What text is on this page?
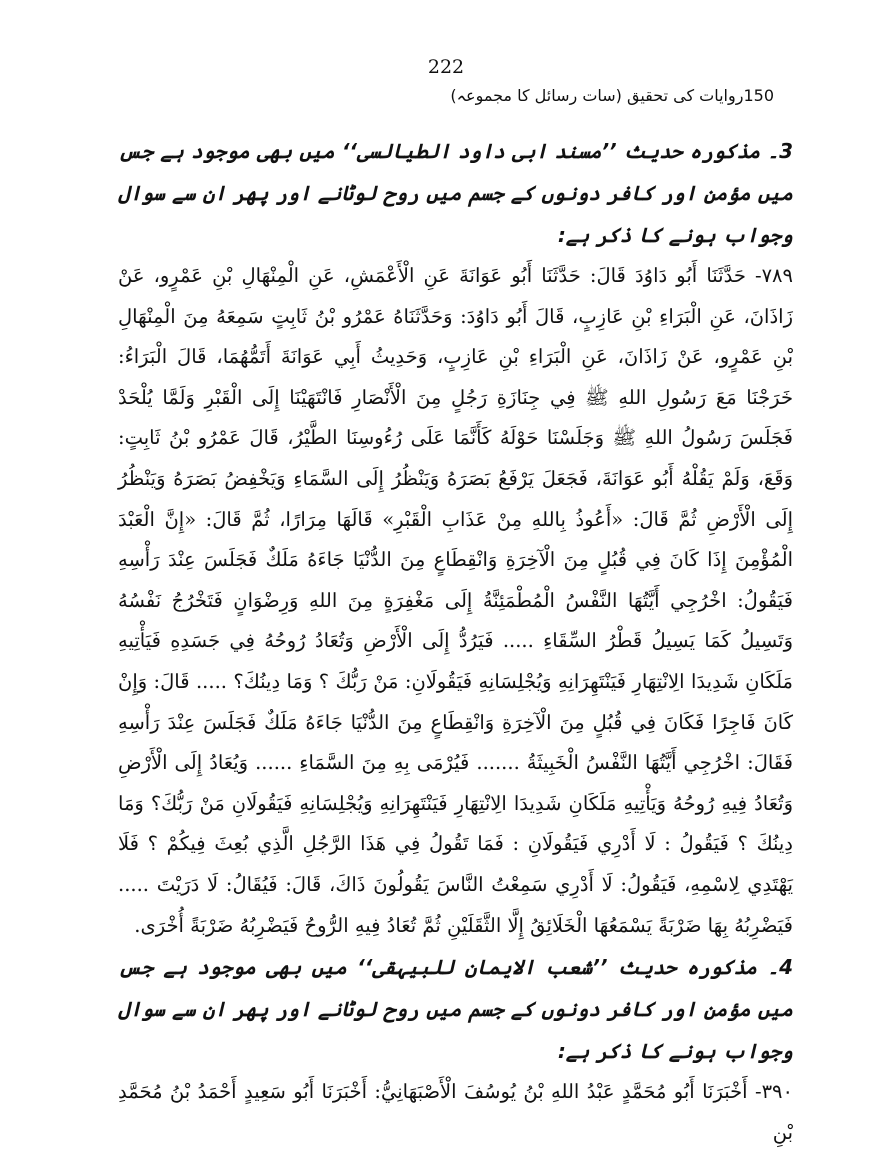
222
150روایات کی تحقیق (سات رسائل کا مجموعہ)

3۔ مذکورہ حدیث ’’مسند ابی داود الطیالسی‘‘ میں بھی موجود ہے جس میں مؤمن اور کافر دونوں کے جسم میں روح لوٹانے اور پھر ان سے سوال وجواب ہونے کا ذکر ہے:

٧٨٩- حَدَّثَنَا أَبُو دَاوُدَ قَالَ: حَدَّثَنَا أَبُو عَوَانَةَ عَنِ الْأَعْمَشِ، عَنِ الْمِنْهَالِ بْنِ عَمْرٍو، عَنْ زَاذَانَ، عَنِ الْبَرَاءِ بْنِ عَازِبٍ، قَالَ أَبُو دَاوُدَ: وَحَدَّثَنَاهُ عَمْرُو بْنُ ثَابِتٍ سَمِعَهُ مِنَ الْمِنْهَالِ بْنِ عَمْرٍو، عَنْ زَاذَانَ، عَنِ الْبَرَاءِ بْنِ عَازِبٍ، وَحَدِيثُ أَبِي عَوَانَةَ أَتَمُّهُمَا، قَالَ الْبَرَاءُ: خَرَجْنَا مَعَ رَسُولِ اللهِ ﷺ فِي جِنَازَةِ رَجُلٍ مِنَ الْأَنْصَارِ فَانْتَهَيْنَا إِلَى الْقَبْرِ وَلَمَّا يُلْحَدْ فَجَلَسَ رَسُولُ اللهِ ﷺ وَجَلَسْنَا حَوْلَهُ كَأَنَّمَا عَلَى رُءُوسِنَا الطَّيْرُ، قَالَ عَمْرُو بْنُ ثَابِتٍ: وَقَعَ، وَلَمْ يَقُلْهُ أَبُو عَوَانَةَ، فَجَعَلَ يَرْفَعُ بَصَرَهُ وَيَنْظُرُ إِلَى السَّمَاءِ وَيَخْفِضُ بَصَرَهُ وَيَنْظُرُ إِلَى الْأَرْضِ ثُمَّ قَالَ: «أَعُوذُ بِاللهِ مِنْ عَذَابِ الْقَبْرِ» قَالَهَا مِرَارًا، ثُمَّ قَالَ: «إِنَّ الْعَبْدَ الْمُؤْمِنَ إِذَا كَانَ فِي قُبُلٍ مِنَ الْآخِرَةِ وَانْقِطَاعٍ مِنَ الدُّنْيَا جَاءَهُ مَلَكٌ فَجَلَسَ عِنْدَ رَأْسِهِ فَيَقُولُ: اخْرُجِي أَيَّتُهَا النَّفْسُ الْمُطْمَئِنَّةُ إِلَى مَغْفِرَةٍ مِنَ اللهِ وَرِضْوَانٍ فَتَخْرُجُ نَفْسُهُ وَتَسِيلُ كَمَا يَسِيلُ قَطْرُ السِّقَاءِ ..... فَيَرُدُّ إِلَى الْأَرْضِ وَتُعَادُ رُوحُهُ فِي جَسَدِهِ فَيَأْتِيهِ مَلَكَانِ شَدِيدَا الِانْتِهَارِ فَيَنْتَهِرَانِهِ وَيُجْلِسَانِهِ فَيَقُولَانِ: مَنْ رَبُّكَ ؟ وَمَا دِينُكَ؟ ..... قَالَ: وَإِنْ كَانَ فَاجِرًا فَكَانَ فِي قُبُلٍ مِنَ الْآخِرَةِ وَانْقِطَاعٍ مِنَ الدُّنْيَا جَاءَهُ مَلَكٌ فَجَلَسَ عِنْدَ رَأْسِهِ فَقَالَ: اخْرُجِي أَيَّتُهَا النَّفْسُ الْخَبِيثَةُ ....... فَيُرْمَى بِهِ مِنَ السَّمَاءِ ...... وَيُعَادُ إِلَى الْأَرْضِ وَتُعَادُ فِيهِ رُوحُهُ وَيَأْتِيهِ مَلَكَانِ شَدِيدَا الِانْتِهَارِ فَيَنْتَهِرَانِهِ وَيُجْلِسَانِهِ فَيَقُولَانِ مَنْ رَبُّكَ؟ وَمَا دِينُكَ ؟ فَيَقُولُ : لَا أَدْرِي فَيَقُولَانِ : فَمَا تَقُولُ فِي هَذَا الرَّجُلِ الَّذِي بُعِثَ فِيكُمْ ؟ فَلَا يَهْتَدِي لِاسْمِهِ، فَيَقُولُ: لَا أَدْرِي سَمِعْتُ النَّاسَ يَقُولُونَ ذَاكَ، قَالَ: فَيُقَالُ: لَا دَرَيْتَ ..... فَيَضْرِبُهُ بِهَا ضَرْبَةً يَسْمَعُهَا الْخَلَائِقُ إِلَّا الثَّقَلَيْنِ ثُمَّ تُعَادُ فِيهِ الرُّوحُ فَيَضْرِبُهُ ضَرْبَةً أُخْرَى.

4۔ مذکورہ حدیث ’’شعب الایمان للبیہقی‘‘ میں بھی موجود ہے جس میں مؤمن اور کافر دونوں کے جسم میں روح لوٹانے اور پھر ان سے سوال وجواب ہونے کا ذکر ہے:

٣٩٠- أَخْبَرَنَا أَبُو مُحَمَّدٍ عَبْدُ اللهِ بْنُ يُوسُفَ الْأَصْبَهَانِيُّ: أَخْبَرَنَا أَبُو سَعِيدٍ أَحْمَدُ بْنُ مُحَمَّدِ بْنِ
